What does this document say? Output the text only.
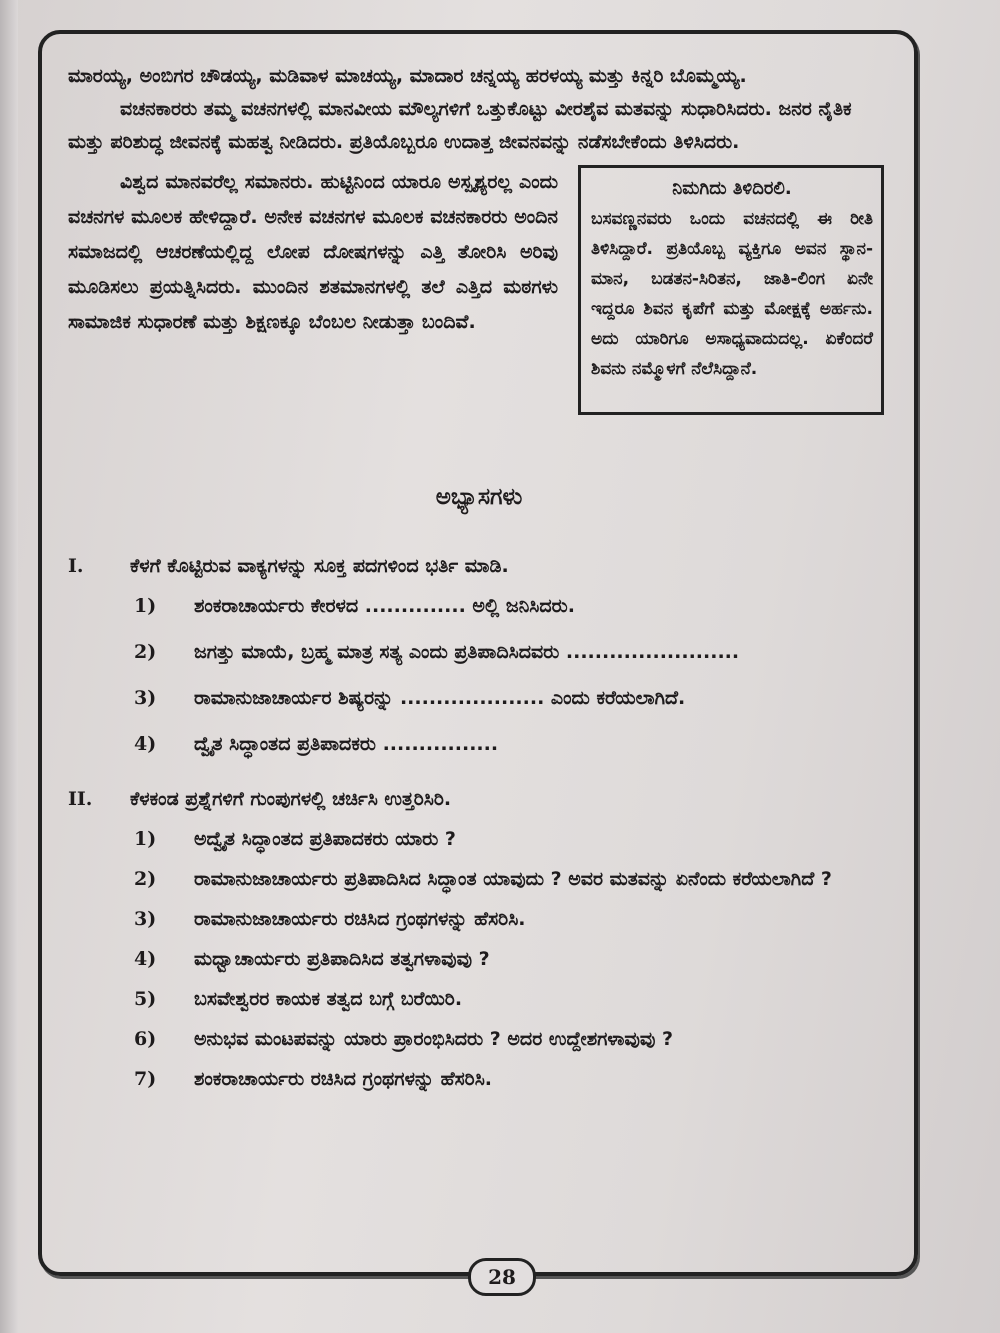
ಮಾರಯ್ಯ, ಅಂಬಿಗರ ಚೌಡಯ್ಯ, ಮಡಿವಾಳ ಮಾಚಯ್ಯ, ಮಾದಾರ ಚನ್ನಯ್ಯ ಹರಳಯ್ಯ ಮತ್ತು ಕಿನ್ನರಿ ಬೊಮ್ಮಯ್ಯ.

ವಚನಕಾರರು ತಮ್ಮ ವಚನಗಳಲ್ಲಿ ಮಾನವೀಯ ಮೌಲ್ಯಗಳಿಗೆ ಒತ್ತುಕೊಟ್ಟು ವೀರಶೈವ ಮತವನ್ನು ಸುಧಾರಿಸಿದರು. ಜನರ ನೈತಿಕ ಮತ್ತು ಪರಿಶುದ್ಧ ಜೀವನಕ್ಕೆ ಮಹತ್ವ ನೀಡಿದರು. ಪ್ರತಿಯೊಬ್ಬರೂ ಉದಾತ್ತ ಜೀವನವನ್ನು ನಡೆಸಬೇಕೆಂದು ತಿಳಿಸಿದರು.

ವಿಶ್ವದ ಮಾನವರೆಲ್ಲ ಸಮಾನರು. ಹುಟ್ಟಿನಿಂದ ಯಾರೂ ಅಸ್ಪೃಶ್ಯರಲ್ಲ ಎಂದು ವಚನಗಳ ಮೂಲಕ ಹೇಳಿದ್ದಾರೆ. ಅನೇಕ ವಚನಗಳ ಮೂಲಕ ವಚನಕಾರರು ಅಂದಿನ ಸಮಾಜದಲ್ಲಿ ಆಚರಣೆಯಲ್ಲಿದ್ದ ಲೋಪ ದೋಷಗಳನ್ನು ಎತ್ತಿ ತೋರಿಸಿ ಅರಿವು ಮೂಡಿಸಲು ಪ್ರಯತ್ನಿಸಿದರು. ಮುಂದಿನ ಶತಮಾನಗಳಲ್ಲಿ ತಲೆ ಎತ್ತಿದ ಮಠಗಳು ಸಾಮಾಜಿಕ ಸುಧಾರಣೆ ಮತ್ತು ಶಿಕ್ಷಣಕ್ಕೂ ಬೆಂಬಲ ನೀಡುತ್ತಾ ಬಂದಿವೆ.

ನಿಮಗಿದು ತಿಳಿದಿರಲಿ.
ಬಸವಣ್ಣನವರು ಒಂದು ವಚನದಲ್ಲಿ ಈ ರೀತಿ ತಿಳಿಸಿದ್ದಾರೆ. ಪ್ರತಿಯೊಬ್ಬ ವ್ಯಕ್ತಿಗೂ ಅವನ ಸ್ಥಾನ-ಮಾನ, ಬಡತನ-ಸಿರಿತನ, ಜಾತಿ-ಲಿಂಗ ಏನೇ ಇದ್ದರೂ ಶಿವನ ಕೃಪೆಗೆ ಮತ್ತು ಮೋಕ್ಷಕ್ಕೆ ಅರ್ಹನು. ಅದು ಯಾರಿಗೂ ಅಸಾಧ್ಯವಾದುದಲ್ಲ. ಏಕೆಂದರೆ ಶಿವನು ನಮ್ಮೊಳಗೆ ನೆಲೆಸಿದ್ದಾನೆ.
ಅಭ್ಯಾಸಗಳು
I.	ಕೆಳಗೆ ಕೊಟ್ಟಿರುವ ವಾಕ್ಯಗಳನ್ನು ಸೂಕ್ತ ಪದಗಳಿಂದ ಭರ್ತಿ ಮಾಡಿ.
1)	ಶಂಕರಾಚಾರ್ಯರು ಕೇರಳದ .............. ಅಲ್ಲಿ ಜನಿಸಿದರು.
2)	ಜಗತ್ತು ಮಾಯೆ, ಬ್ರಹ್ಮ ಮಾತ್ರ ಸತ್ಯ ಎಂದು ಪ್ರತಿಪಾದಿಸಿದವರು ........................
3)	ರಾಮಾನುಜಾಚಾರ್ಯರ ಶಿಷ್ಯರನ್ನು .................... ಎಂದು ಕರೆಯಲಾಗಿದೆ.
4)	ದ್ವೈತ ಸಿದ್ಧಾಂತದ ಪ್ರತಿಪಾದಕರು ................
II.	ಕೆಳಕಂಡ ಪ್ರಶ್ನೆಗಳಿಗೆ ಗುಂಪುಗಳಲ್ಲಿ ಚರ್ಚಿಸಿ ಉತ್ತರಿಸಿರಿ.
1)	ಅದ್ವೈತ ಸಿದ್ಧಾಂತದ ಪ್ರತಿಪಾದಕರು ಯಾರು ?
2)	ರಾಮಾನುಜಾಚಾರ್ಯರು ಪ್ರತಿಪಾದಿಸಿದ ಸಿದ್ಧಾಂತ ಯಾವುದು ? ಅವರ ಮತವನ್ನು ಏನೆಂದು ಕರೆಯಲಾಗಿದೆ ?
3)	ರಾಮಾನುಜಾಚಾರ್ಯರು ರಚಿಸಿದ ಗ್ರಂಥಗಳನ್ನು ಹೆಸರಿಸಿ.
4)	ಮಧ್ವಾಚಾರ್ಯರು ಪ್ರತಿಪಾದಿಸಿದ ತತ್ವಗಳಾವುವು ?
5)	ಬಸವೇಶ್ವರರ ಕಾಯಕ ತತ್ವದ ಬಗ್ಗೆ ಬರೆಯಿರಿ.
6)	ಅನುಭವ ಮಂಟಪವನ್ನು ಯಾರು ಪ್ರಾರಂಭಿಸಿದರು ? ಅದರ ಉದ್ದೇಶಗಳಾವುವು ?
7)	ಶಂಕರಾಚಾರ್ಯರು ರಚಿಸಿದ ಗ್ರಂಥಗಳನ್ನು ಹೆಸರಿಸಿ.
28
